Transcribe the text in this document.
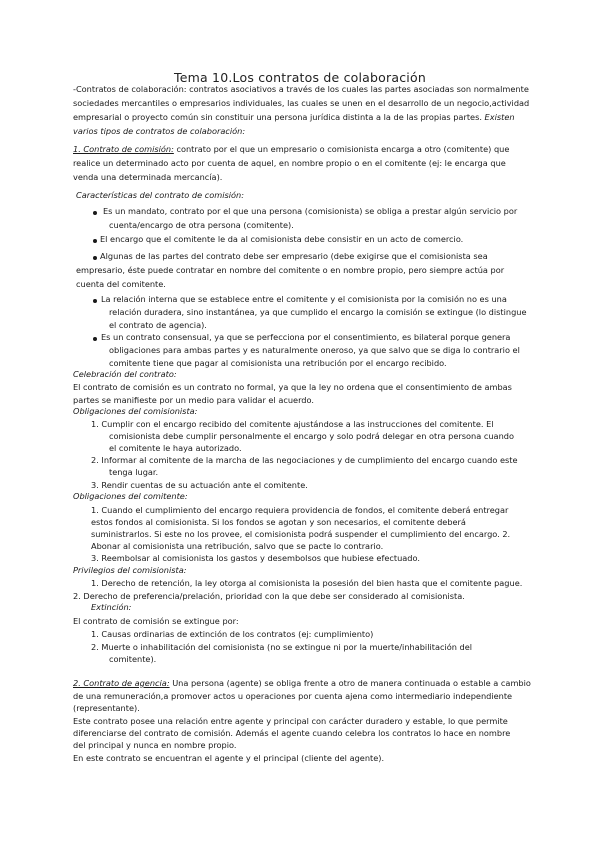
Tema 10.Los contratos de colaboración
-Contratos de colaboración: contratos asociativos a través de los cuales las partes asociadas son normalmente
sociedades mercantiles o empresarios individuales, las cuales se unen en el desarrollo de un negocio,actividad
empresarial o proyecto común sin constituir una persona jurídica distinta a la de las propias partes. Existen
varios tipos de contratos de colaboración:
1. Contrato de comisión: contrato por el que un empresario o comisionista encarga a otro (comitente) que
realice un determinado acto por cuenta de aquel, en nombre propio o en el comitente (ej: le encarga que
venda una determinada mercancía).
Características del contrato de comisión:
Es un mandato, contrato por el que una persona (comisionista) se obliga a prestar algún servicio por
cuenta/encargo de otra persona (comitente).
El encargo que el comitente le da al comisionista debe consistir en un acto de comercio.
Algunas de las partes del contrato debe ser empresario (debe exigirse que el comisionista sea
empresario, éste puede contratar en nombre del comitente o en nombre propio, pero siempre actúa por
cuenta del comitente.
La relación interna que se establece entre el comitente y el comisionista por la comisión no es una
relación duradera, sino instantánea, ya que cumplido el encargo la comisión se extingue (lo distingue
el contrato de agencia).
Es un contrato consensual, ya que se perfecciona por el consentimiento, es bilateral porque genera
obligaciones para ambas partes y es naturalmente oneroso, ya que salvo que se diga lo contrario el
comitente tiene que pagar al comisionista una retribución por el encargo recibido.
Celebración del contrato:
El contrato de comisión es un contrato no formal, ya que la ley no ordena que el consentimiento de ambas
partes se manifieste por un medio para validar el acuerdo.
Obligaciones del comisionista:
1. Cumplir con el encargo recibido del comitente ajustándose a las instrucciones del comitente. El
comisionista debe cumplir personalmente el encargo y solo podrá delegar en otra persona cuando
el comitente le haya autorizado.
2. Informar al comitente de la marcha de las negociaciones y de cumplimiento del encargo cuando este
tenga lugar.
3. Rendir cuentas de su actuación ante el comitente.
Obligaciones del comitente:
1. Cuando el cumplimiento del encargo requiera providencia de fondos, el comitente deberá entregar
estos fondos al comisionista. Si los fondos se agotan y son necesarios, el comitente deberá
suministrarlos. Si este no los provee, el comisionista podrá suspender el cumplimiento del encargo. 2.
Abonar al comisionista una retribución, salvo que se pacte lo contrario.
3. Reembolsar al comisionista los gastos y desembolsos que hubiese efectuado.
Privilegios del comisionista:
1. Derecho de retención, la ley otorga al comisionista la posesión del bien hasta que el comitente pague.
2. Derecho de preferencia/prelación, prioridad con la que debe ser considerado al comisionista.
Extinción:
El contrato de comisión se extingue por:
1. Causas ordinarias de extinción de los contratos (ej: cumplimiento)
2. Muerte o inhabilitación del comisionista (no se extingue ni por la muerte/inhabilitación del
comitente).
2. Contrato de agencia: Una persona (agente) se obliga frente a otro de manera continuada o estable a cambio
de una remuneración,a promover actos u operaciones por cuenta ajena como intermediario independiente
(representante).
Este contrato posee una relación entre agente y principal con carácter duradero y estable, lo que permite
diferenciarse del contrato de comisión. Además el agente cuando celebra los contratos lo hace en nombre
del principal y nunca en nombre propio.
En este contrato se encuentran el agente y el principal (cliente del agente).
